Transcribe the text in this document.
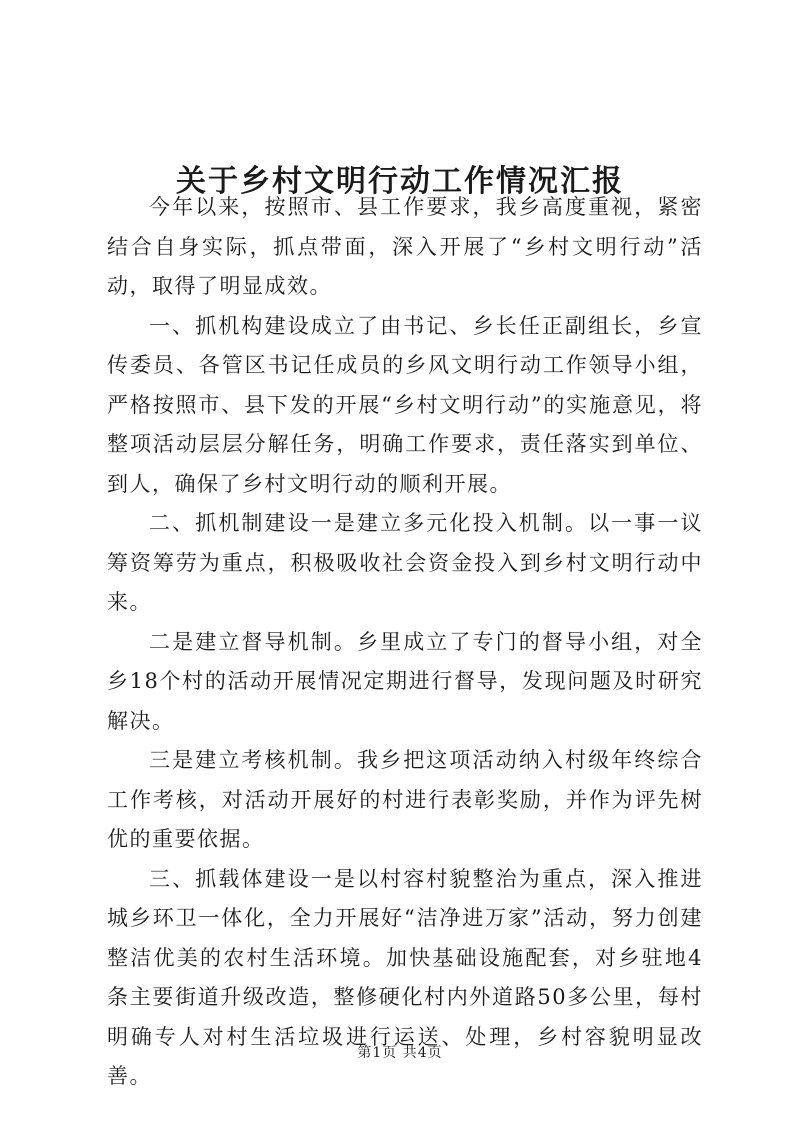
关于乡村文明行动工作情况汇报

今年以来，按照市、县工作要求，我乡高度重视，紧密结合自身实际，抓点带面，深入开展了“乡村文明行动”活动，取得了明显成效。

一、抓机构建设成立了由书记、乡长任正副组长，乡宣传委员、各管区书记任成员的乡风文明行动工作领导小组，严格按照市、县下发的开展“乡村文明行动”的实施意见，将整项活动层层分解任务，明确工作要求，责任落实到单位、到人，确保了乡村文明行动的顺利开展。

二、抓机制建设一是建立多元化投入机制。以一事一议筹资筹劳为重点，积极吸收社会资金投入到乡村文明行动中来。

二是建立督导机制。乡里成立了专门的督导小组，对全乡18个村的活动开展情况定期进行督导，发现问题及时研究解决。

三是建立考核机制。我乡把这项活动纳入村级年终综合工作考核，对活动开展好的村进行表彰奖励，并作为评先树优的重要依据。

三、抓载体建设一是以村容村貌整治为重点，深入推进城乡环卫一体化，全力开展好“洁净进万家”活动，努力创建整洁优美的农村生活环境。加快基础设施配套，对乡驻地4条主要街道升级改造，整修硬化村内外道路50多公里，每村明确专人对村生活垃圾进行运送、处理，乡村容貌明显改善。

第1页 共4页
